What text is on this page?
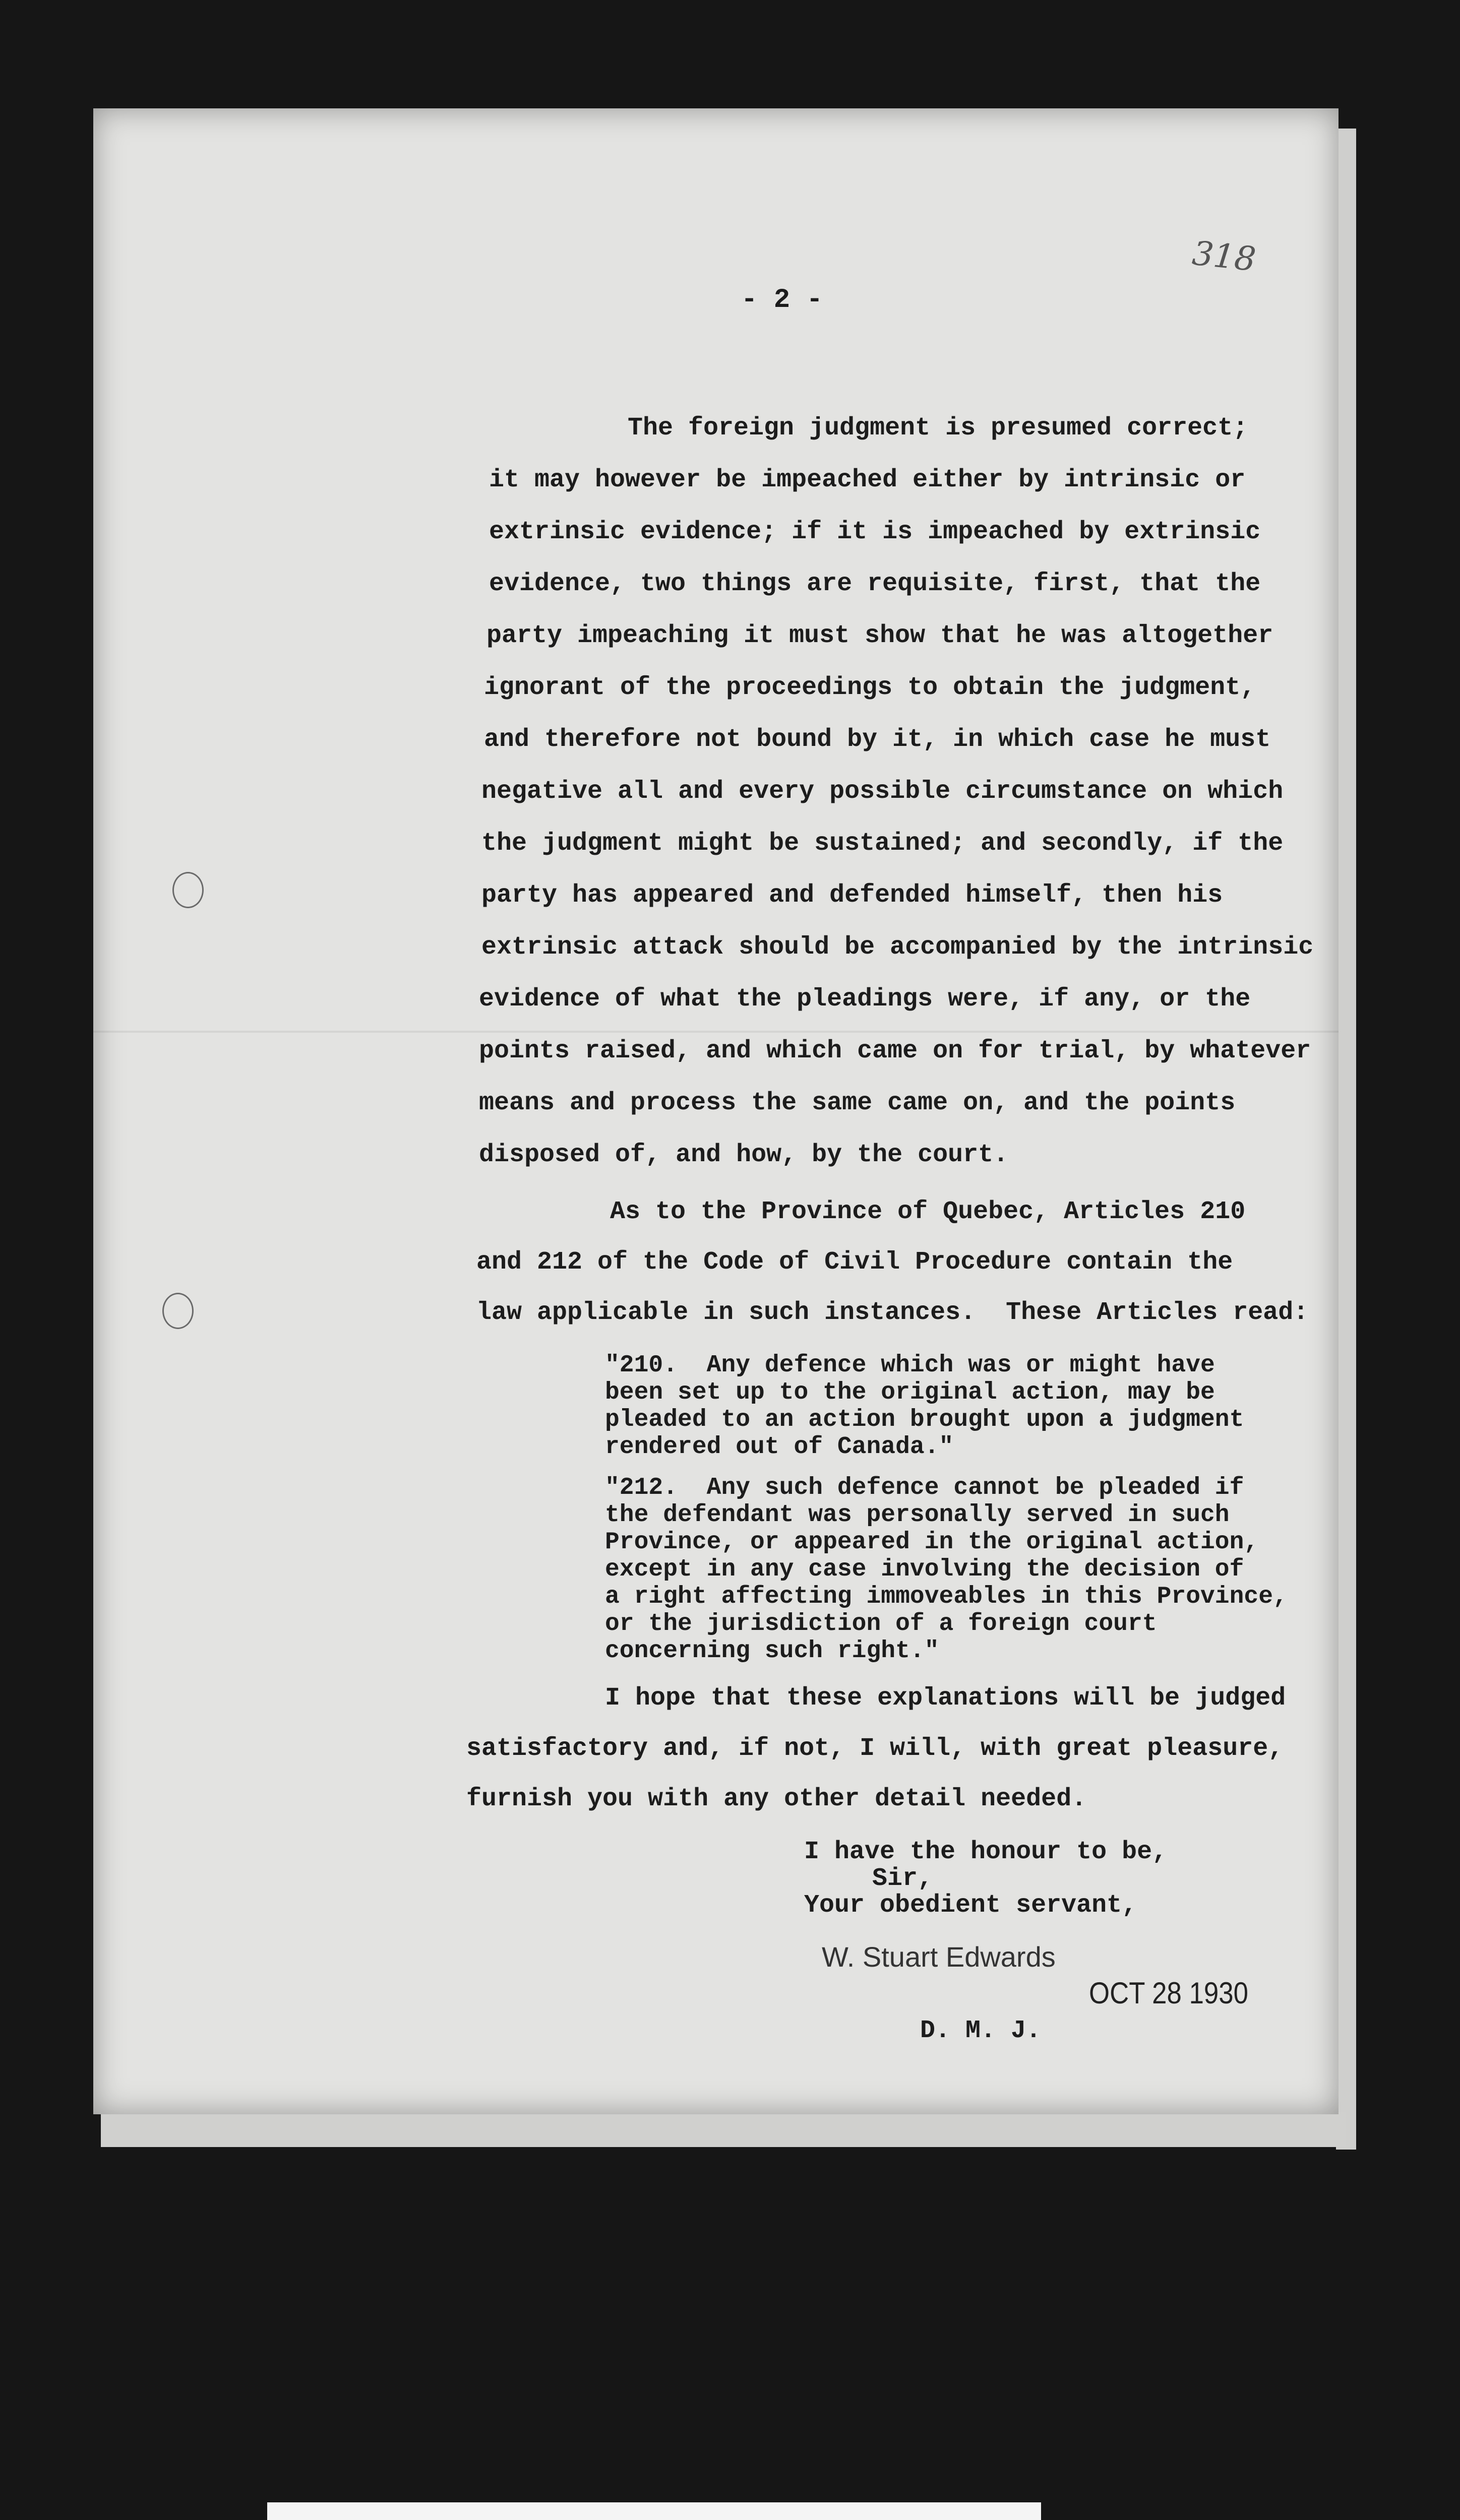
318
- 2 -
The foreign judgment is presumed correct;
it may however be impeached either by intrinsic or
extrinsic evidence; if it is impeached by extrinsic
evidence, two things are requisite, first, that the
party impeaching it must show that he was altogether
ignorant of the proceedings to obtain the judgment,
and therefore not bound by it, in which case he must
negative all and every possible circumstance on which
the judgment might be sustained; and secondly, if the
party has appeared and defended himself, then his
extrinsic attack should be accompanied by the intrinsic
evidence of what the pleadings were, if any, or the
points raised, and which came on for trial, by whatever
means and process the same came on, and the points
disposed of, and how, by the court.
As to the Province of Quebec, Articles 210
and 212 of the Code of Civil Procedure contain the
law applicable in such instances.  These Articles read:
"210.  Any defence which was or might have
been set up to the original action, may be
pleaded to an action brought upon a judgment
rendered out of Canada."
"212.  Any such defence cannot be pleaded if
the defendant was personally served in such
Province, or appeared in the original action,
except in any case involving the decision of
a right affecting immoveables in this Province,
or the jurisdiction of a foreign court
concerning such right."
I hope that these explanations will be judged
satisfactory and, if not, I will, with great pleasure,
furnish you with any other detail needed.
I have the honour to be,
Sir,
Your obedient servant,
W. Stuart Edwards
OCT 28 1930
D. M. J.
